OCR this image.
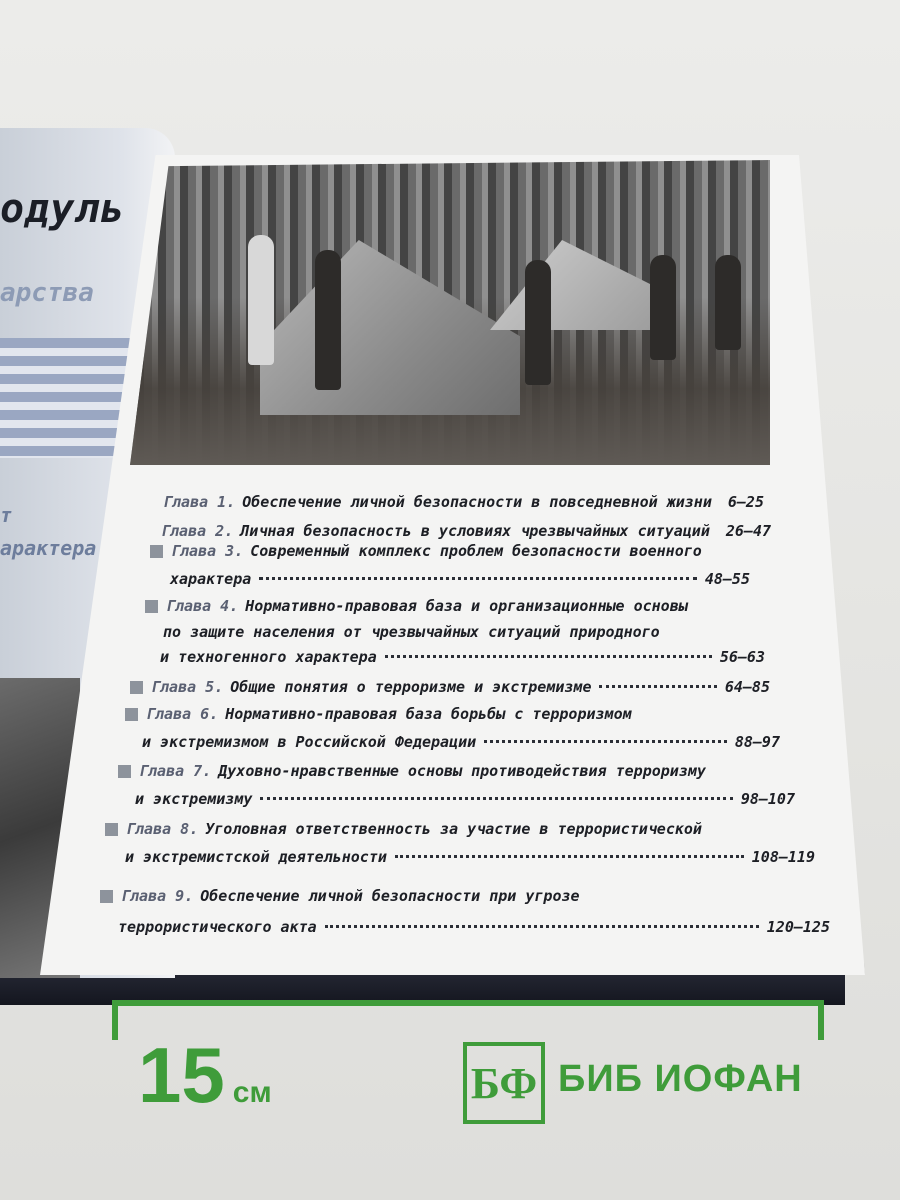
одуль
арства
т
арактера
Глава 1. Обеспечение личной безопасности в повседневной жизни 6–25
Глава 2. Личная безопасность в условиях чрезвычайных ситуаций 26–47
Глава 3. Современный комплекс проблем безопасности военного
характера	48–55
Глава 4. Нормативно-правовая база и организационные основы
по защите населения от чрезвычайных ситуаций природного
и техногенного характера	56–63
Глава 5. Общие понятия о терроризме и экстремизме	64–85
Глава 6. Нормативно-правовая база борьбы с терроризмом
и экстремизмом в Российской Федерации	88–97
Глава 7. Духовно-нравственные основы противодействия терроризму
и экстремизму	98–107
Глава 8. Уголовная ответственность за участие в террористической
и экстремистской деятельности	108–119
Глава 9. Обеспечение личной безопасности при угрозе
террористического акта	120–125
15 см	БФ БИБ ИОФАН
